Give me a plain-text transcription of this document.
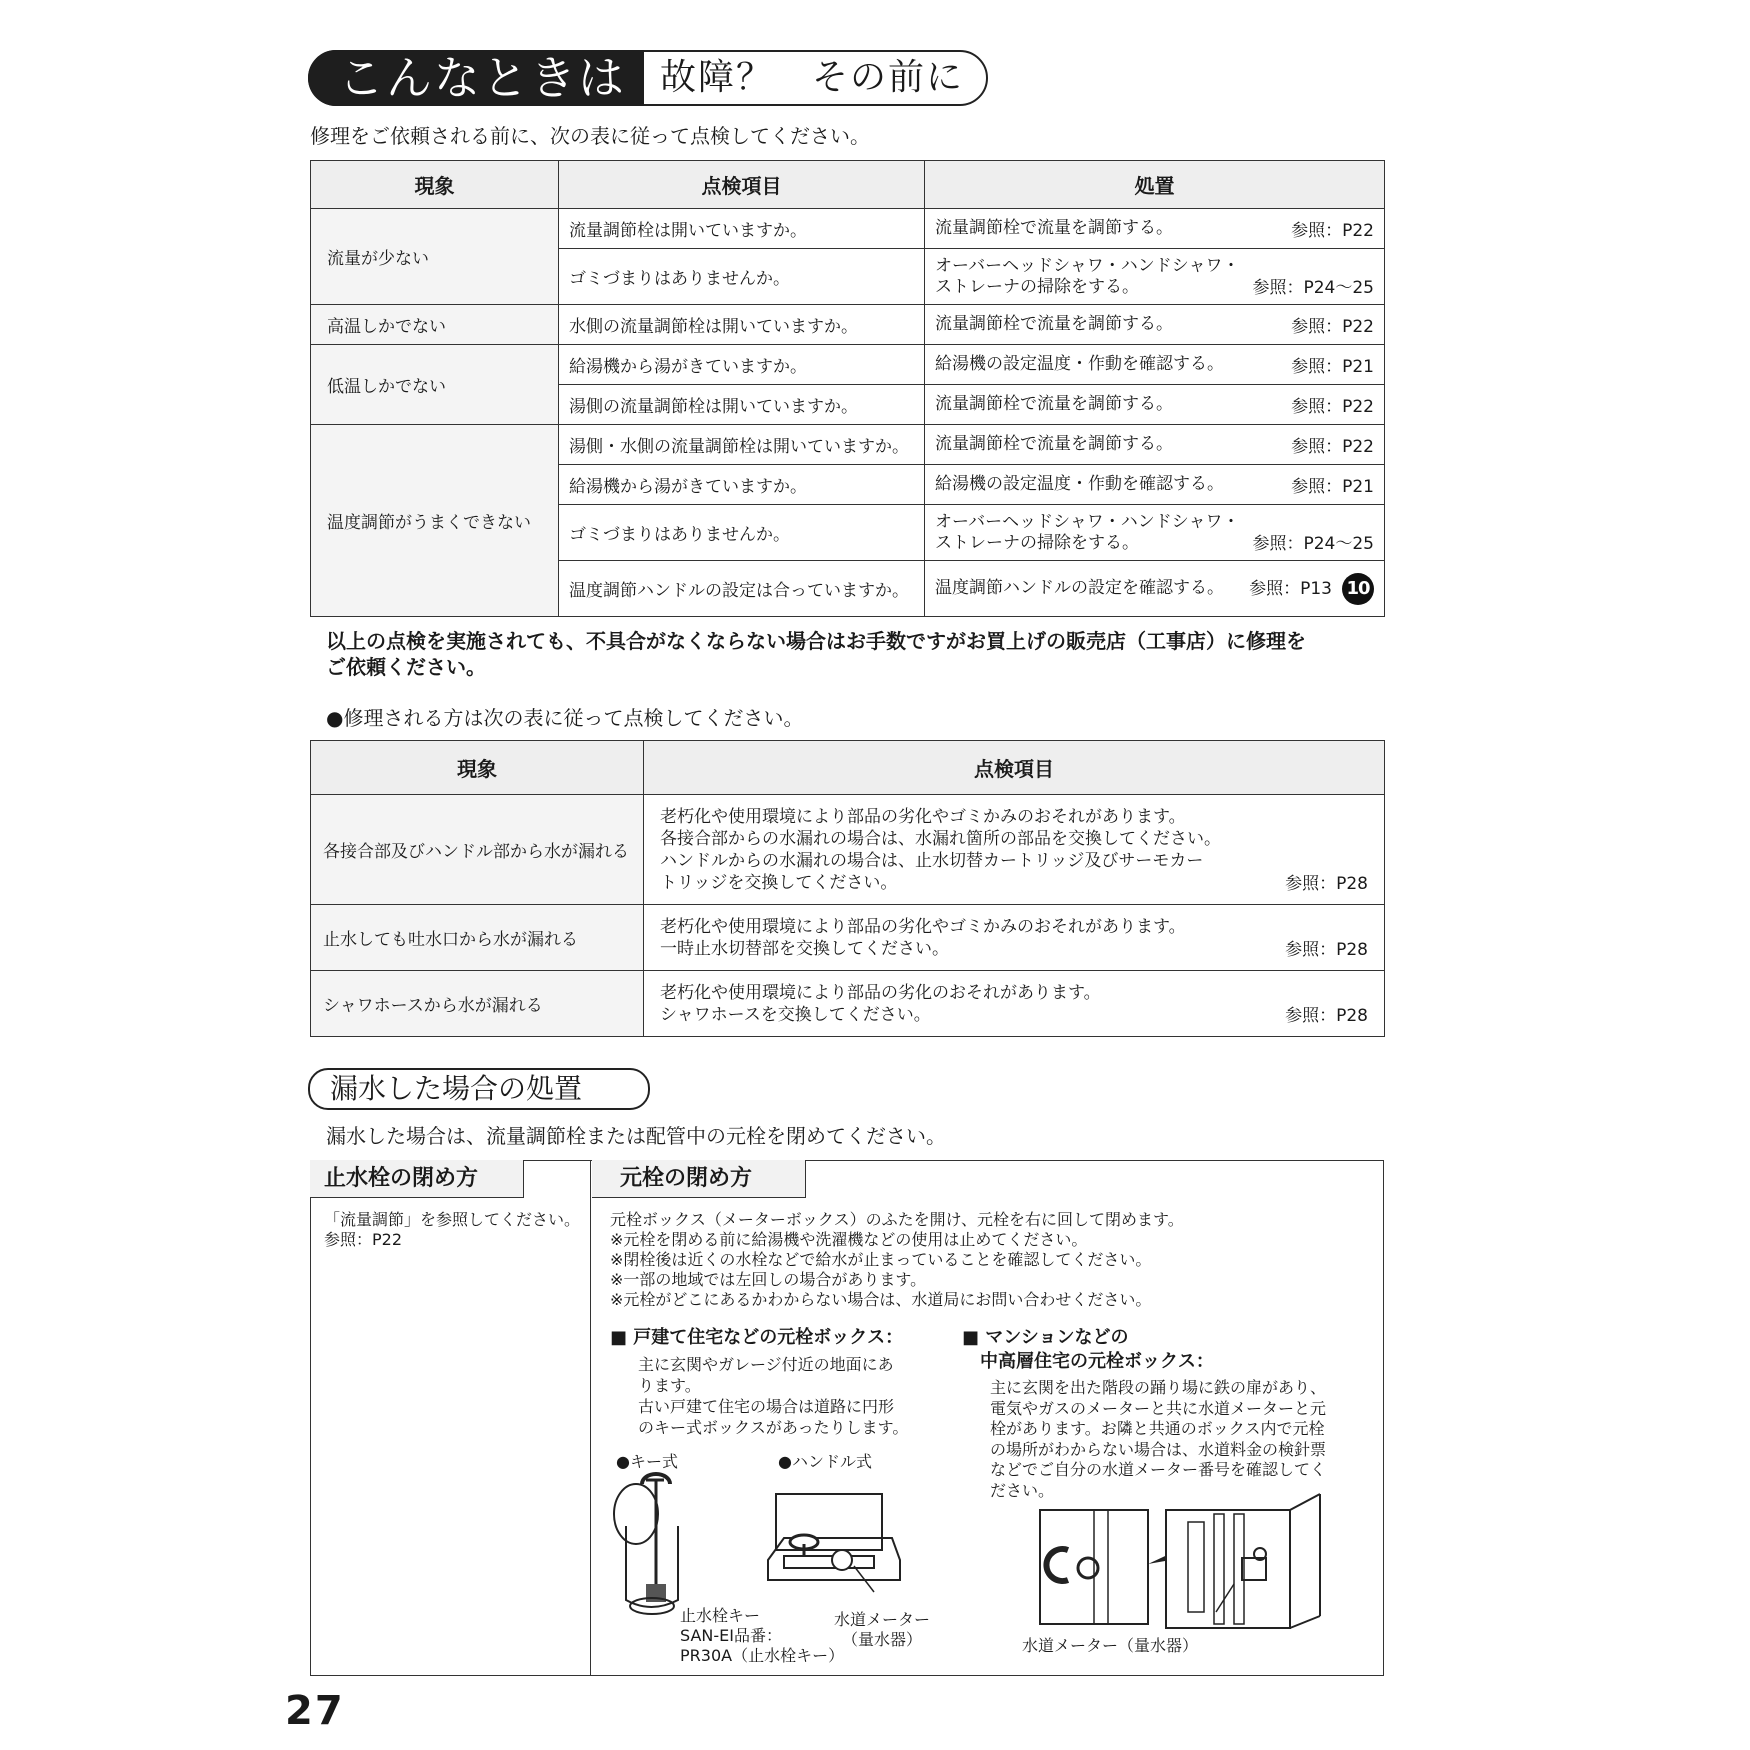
こんなときは 故障？　その前に
修理をご依頼される前に、次の表に従って点検してください。
現象	点検項目	処置
流量が少ない	流量調節栓は開いていますか。	流量調節栓で流量を調節する。 参照：P22

	ゴミづまりはありませんか。	オーバーヘッドシャワ・ハンドシャワ・
ストレーナの掃除をする。 参照：P24〜25

高温しかでない	水側の流量調節栓は開いていますか。	流量調節栓で流量を調節する。 参照：P22

低温しかでない	給湯機から湯がきていますか。	給湯機の設定温度・作動を確認する。 参照：P21

	湯側の流量調節栓は開いていますか。	流量調節栓で流量を調節する。 参照：P22

温度調節がうまくできない	湯側・水側の流量調節栓は開いていますか。	流量調節栓で流量を調節する。 参照：P22

	給湯機から湯がきていますか。	給湯機の設定温度・作動を確認する。 参照：P21

	ゴミづまりはありませんか。	オーバーヘッドシャワ・ハンドシャワ・
ストレーナの掃除をする。 参照：P24〜25

	温度調節ハンドルの設定は合っていますか。	温度調節ハンドルの設定を確認する。 参照：P13 10
以上の点検を実施されても、不具合がなくならない場合はお手数ですがお買上げの販売店（工事店）に修理を
ご依頼ください。
●修理される方は次の表に従って点検してください。
現象	点検項目
各接合部及びハンドル部から水が漏れる	老朽化や使用環境により部品の劣化やゴミかみのおそれがあります。
各接合部からの水漏れの場合は、水漏れ箇所の部品を交換してください。
ハンドルからの水漏れの場合は、止水切替カートリッジ及びサーモカー
トリッジを交換してください。 参照：P28

止水しても吐水口から水が漏れる	老朽化や使用環境により部品の劣化やゴミかみのおそれがあります。
一時止水切替部を交換してください。 参照：P28

シャワホースから水が漏れる	老朽化や使用環境により部品の劣化のおそれがあります。
シャワホースを交換してください。 参照：P28
漏水した場合の処置
漏水した場合は、流量調節栓または配管中の元栓を閉めてください。
止水栓の閉め方
「流量調節」を参照してください。
参照：P22
元栓の閉め方
元栓ボックス（メーターボックス）のふたを開け、元栓を右に回して閉めます。
※元栓を閉める前に給湯機や洗濯機などの使用は止めてください。
※閉栓後は近くの水栓などで給水が止まっていることを確認してください。
※一部の地域では左回しの場合があります。
※元栓がどこにあるかわからない場合は、水道局にお問い合わせください。
■ 戸建て住宅などの元栓ボックス：
主に玄関やガレージ付近の地面にあ
ります。
古い戸建て住宅の場合は道路に円形
のキー式ボックスがあったりします。
■ マンションなどの
　中高層住宅の元栓ボックス：
主に玄関を出た階段の踊り場に鉄の扉があり、
電気やガスのメーターと共に水道メーターと元
栓があります。お隣と共通のボックス内で元栓
の場所がわからない場合は、水道料金の検針票
などでご自分の水道メーター番号を確認してく
ださい。
●キー式	●ハンドル式
止水栓キー
SAN-EI品番：
PR30A（止水栓キー）
水道メーター
（量水器）	水道メーター（量水器）
27
